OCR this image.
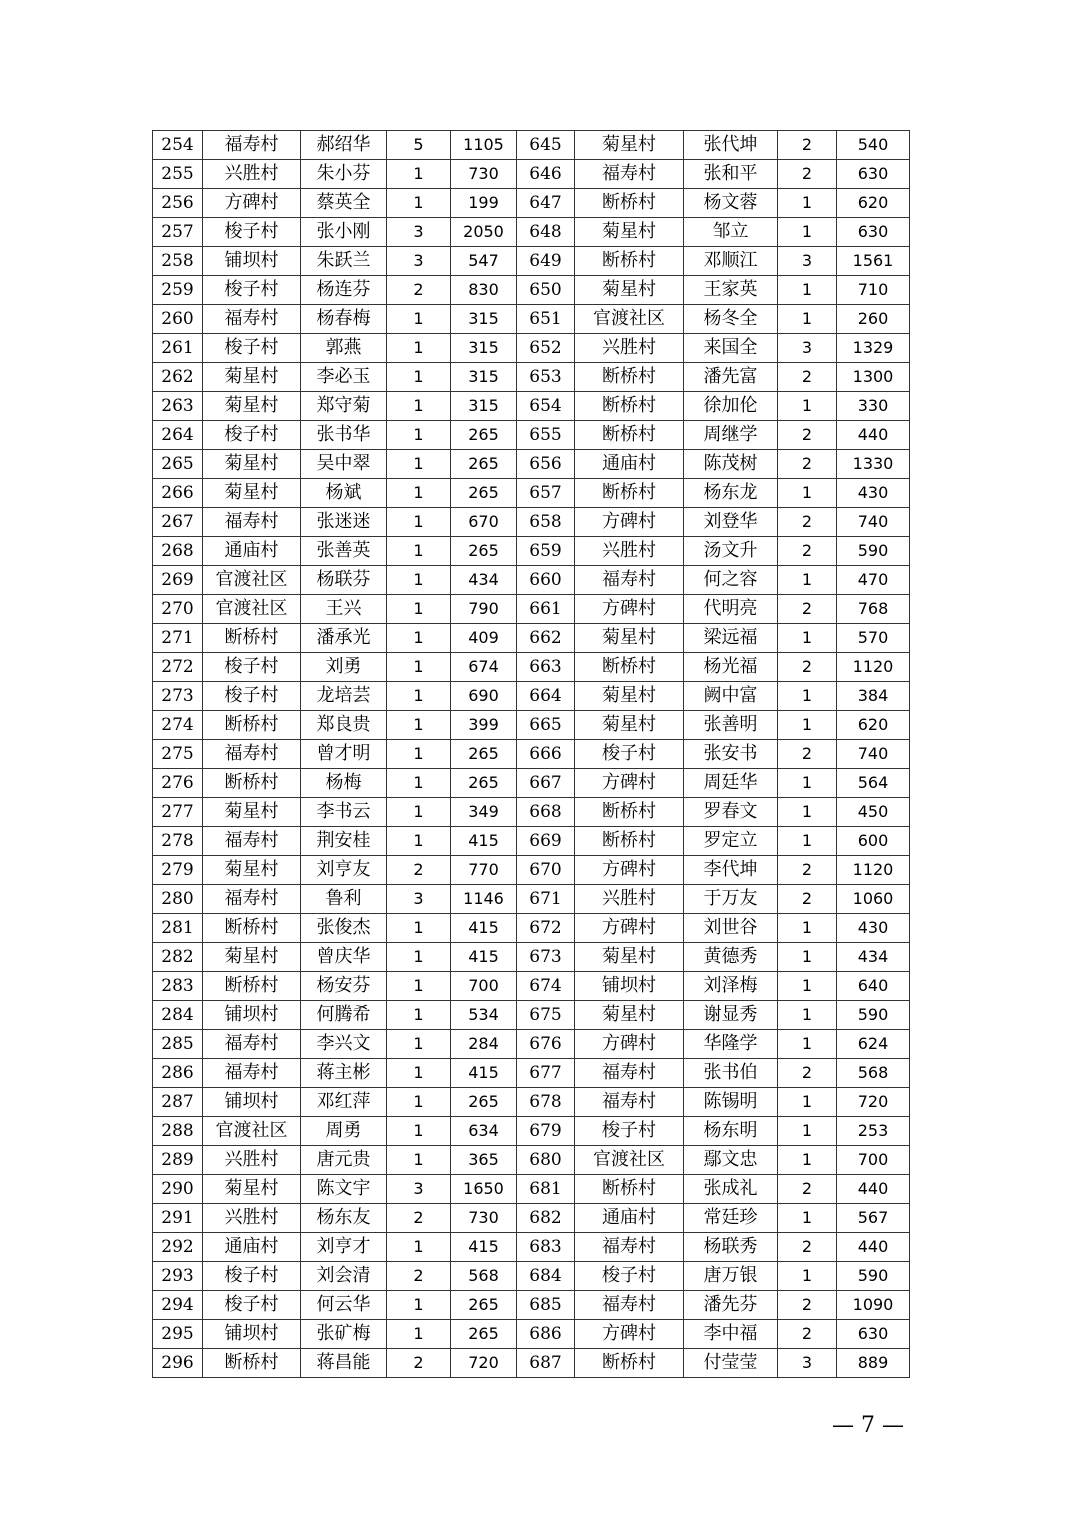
254	福寿村	郝绍华	5	1105	645	菊星村	张代坤	2	540
255	兴胜村	朱小芬	1	730	646	福寿村	张和平	2	630
256	方碑村	蔡英全	1	199	647	断桥村	杨文蓉	1	620
257	梭子村	张小刚	3	2050	648	菊星村	邹立	1	630
258	铺坝村	朱跃兰	3	547	649	断桥村	邓顺江	3	1561
259	梭子村	杨连芬	2	830	650	菊星村	王家英	1	710
260	福寿村	杨春梅	1	315	651	官渡社区	杨冬全	1	260
261	梭子村	郭燕	1	315	652	兴胜村	来国全	3	1329
262	菊星村	李必玉	1	315	653	断桥村	潘先富	2	1300
263	菊星村	郑守菊	1	315	654	断桥村	徐加伦	1	330
264	梭子村	张书华	1	265	655	断桥村	周继学	2	440
265	菊星村	吴中翠	1	265	656	通庙村	陈茂树	2	1330
266	菊星村	杨斌	1	265	657	断桥村	杨东龙	1	430
267	福寿村	张迷迷	1	670	658	方碑村	刘登华	2	740
268	通庙村	张善英	1	265	659	兴胜村	汤文升	2	590
269	官渡社区	杨联芬	1	434	660	福寿村	何之容	1	470
270	官渡社区	王兴	1	790	661	方碑村	代明亮	2	768
271	断桥村	潘承光	1	409	662	菊星村	梁远福	1	570
272	梭子村	刘勇	1	674	663	断桥村	杨光福	2	1120
273	梭子村	龙培芸	1	690	664	菊星村	阙中富	1	384
274	断桥村	郑良贵	1	399	665	菊星村	张善明	1	620
275	福寿村	曾才明	1	265	666	梭子村	张安书	2	740
276	断桥村	杨梅	1	265	667	方碑村	周廷华	1	564
277	菊星村	李书云	1	349	668	断桥村	罗春文	1	450
278	福寿村	荆安桂	1	415	669	断桥村	罗定立	1	600
279	菊星村	刘亨友	2	770	670	方碑村	李代坤	2	1120
280	福寿村	鲁利	3	1146	671	兴胜村	于万友	2	1060
281	断桥村	张俊杰	1	415	672	方碑村	刘世谷	1	430
282	菊星村	曾庆华	1	415	673	菊星村	黄德秀	1	434
283	断桥村	杨安芬	1	700	674	铺坝村	刘泽梅	1	640
284	铺坝村	何腾希	1	534	675	菊星村	谢显秀	1	590
285	福寿村	李兴文	1	284	676	方碑村	华隆学	1	624
286	福寿村	蒋主彬	1	415	677	福寿村	张书伯	2	568
287	铺坝村	邓红萍	1	265	678	福寿村	陈锡明	1	720
288	官渡社区	周勇	1	634	679	梭子村	杨东明	1	253
289	兴胜村	唐元贵	1	365	680	官渡社区	鄢文忠	1	700
290	菊星村	陈文宇	3	1650	681	断桥村	张成礼	2	440
291	兴胜村	杨东友	2	730	682	通庙村	常廷珍	1	567
292	通庙村	刘亨才	1	415	683	福寿村	杨联秀	2	440
293	梭子村	刘会清	2	568	684	梭子村	唐万银	1	590
294	梭子村	何云华	1	265	685	福寿村	潘先芬	2	1090
295	铺坝村	张矿梅	1	265	686	方碑村	李中福	2	630
296	断桥村	蒋昌能	2	720	687	断桥村	付莹莹	3	889
— 7 —
